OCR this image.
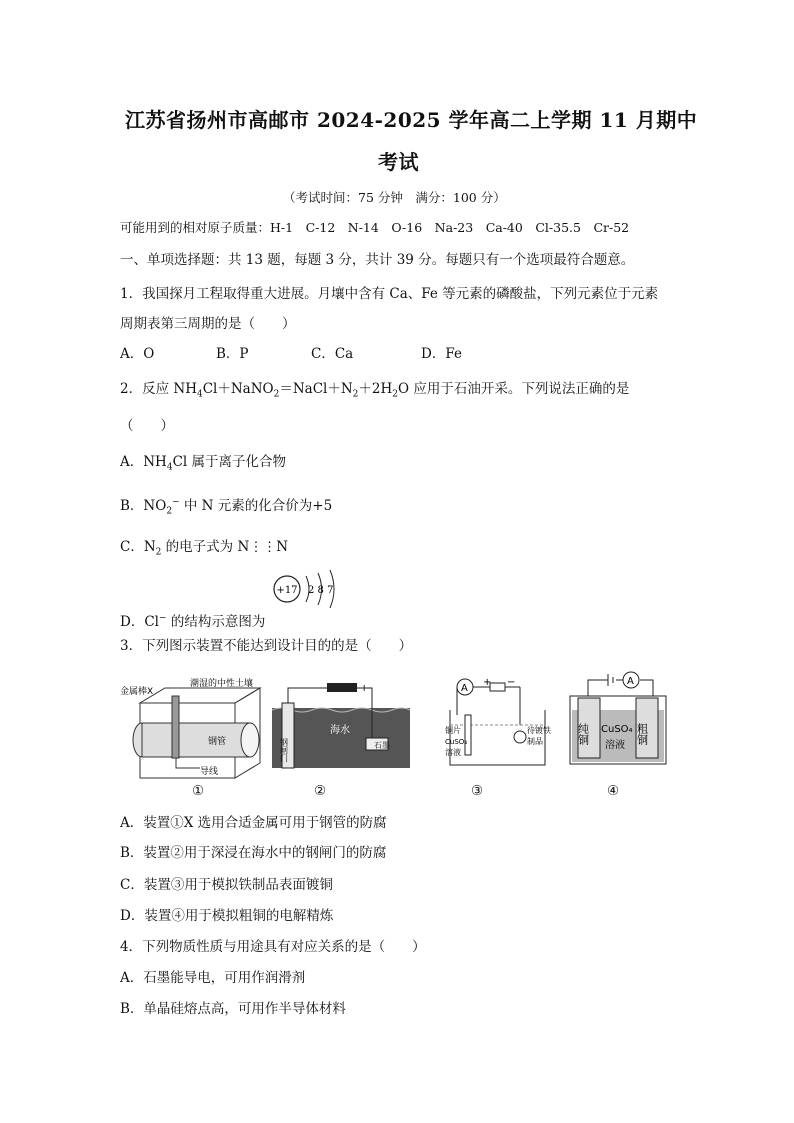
江苏省扬州市高邮市 2024-2025 学年高二上学期 11 月期中
考试
（考试时间：75 分钟　满分：100 分）
可能用到的相对原子质量：H-1　C-12　N-14　O-16　Na-23　Ca-40　Cl-35.5　Cr-52
一、单项选择题：共 13 题，每题 3 分，共计 39 分。每题只有一个选项最符合题意。
1．我国探月工程取得重大进展。月壤中含有 Ca、Fe 等元素的磷酸盐，下列元素位于元素
周期表第三周期的是（　　）
A．O	B．P	C．Ca	D．Fe
2．反应 $NH_4Cl+NaNO_2=NaCl+N_2+2H_2O$ 应用于石油开采。下列说法正确的是
（　　）
A．$NH_4Cl$ 属于离子化合物
B．$NO_2^-$ 中 N 元素的化合价为+5
C．$N_2$ 的电子式为 N⋮⋮N
+17 2 8 7
D．Cl− 的结构示意图为
3．下列图示装置不能达到设计目的的是（　　）
金属棒X
潮湿的中性土壤
钢管
导线
①
−	+
钢闸门
海水
石墨
②
A
+ −
铜片
CuSO₄
溶液
待镀铁
制品
③
A
纯铜	粗铜
CuSO₄
溶液
④
A．装置①X 选用合适金属可用于钢管的防腐
B．装置②用于深浸在海水中的钢闸门的防腐
C．装置③用于模拟铁制品表面镀铜
D．装置④用于模拟粗铜的电解精炼
4．下列物质性质与用途具有对应关系的是（　　）
A．石墨能导电，可用作润滑剂
B．单晶硅熔点高，可用作半导体材料
